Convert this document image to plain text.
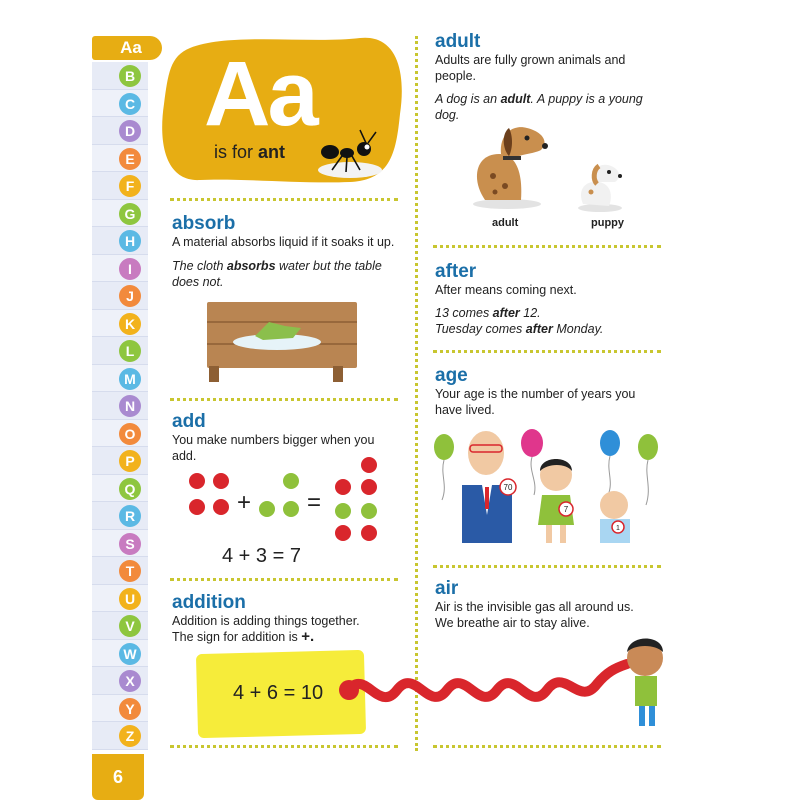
Aa
B
C
D
E
F
G
H
I
J
K
L
M
N
O
P
Q
R
S
T
U
V
W
X
Y
Z
6
Aa
is for ant
absorb
A material absorbs liquid if it soaks it up.
The cloth absorbs water but the table does not.
add
You make numbers bigger when you add.
+ =
4 + 3 = 7
addition
Addition is adding things together.
The sign for addition is +.
4 + 6 = 10
adult
Adults are fully grown animals and people.
A dog is an adult. A puppy is a young dog.
adult	puppy
after
After means coming next.
13 comes after 12.
Tuesday comes after Monday.
age
Your age is the number of years you have lived.
70
7
1
air
Air is the invisible gas all around us.
We breathe air to stay alive.
